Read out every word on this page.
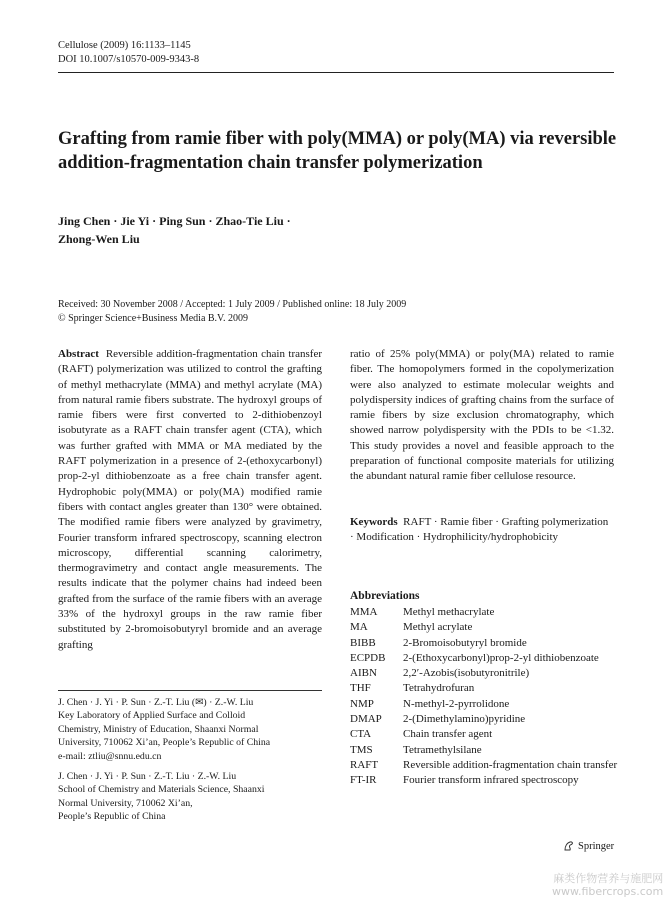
Cellulose (2009) 16:1133–1145
DOI 10.1007/s10570-009-9343-8
Grafting from ramie fiber with poly(MMA) or poly(MA) via reversible addition-fragmentation chain transfer polymerization
Jing Chen · Jie Yi · Ping Sun · Zhao-Tie Liu ·
Zhong-Wen Liu
Received: 30 November 2008 / Accepted: 1 July 2009 / Published online: 18 July 2009
© Springer Science+Business Media B.V. 2009

Abstract Reversible addition-fragmentation chain transfer (RAFT) polymerization was utilized to control the grafting of methyl methacrylate (MMA) and methyl acrylate (MA) from natural ramie fibers substrate. The hydroxyl groups of ramie fibers were first converted to 2-dithiobenzoyl isobutyrate as a RAFT chain transfer agent (CTA), which was further grafted with MMA or MA mediated by the RAFT polymerization in a presence of 2-(ethoxycarbonyl) prop-2-yl dithiobenzoate as a free chain transfer agent. Hydrophobic poly(MMA) or poly(MA) modified ramie fibers with contact angles greater than 130° were obtained. The modified ramie fibers were analyzed by gravimetry, Fourier transform infrared spectroscopy, scanning electron microscopy, differential scanning calorimetry, thermogravimetry and contact angle measurements. The results indicate that the polymer chains had indeed been grafted from the surface of the ramie fibers with an average 33% of the hydroxyl groups in the raw ramie fiber substituted by 2-bromoisobutyryl bromide and an average grafting

ratio of 25% poly(MMA) or poly(MA) related to ramie fiber. The homopolymers formed in the copolymerization were also analyzed to estimate molecular weights and polydispersity indices of grafting chains from the surface of ramie fibers by size exclusion chromatography, which showed narrow polydispersity with the PDIs to be <1.32. This study provides a novel and feasible approach to the preparation of functional composite materials for utilizing the abundant natural ramie fiber cellulose resource.

Keywords RAFT · Ramie fiber · Grafting polymerization · Modification · Hydrophilicity/hydrophobicity
Abbreviations
MMA	Methyl methacrylate
MA	Methyl acrylate
BIBB	2-Bromoisobutyryl bromide
ECPDB	2-(Ethoxycarbonyl)prop-2-yl dithiobenzoate
AIBN	2,2′-Azobis(isobutyronitrile)
THF	Tetrahydrofuran
NMP	N-methyl-2-pyrrolidone
DMAP	2-(Dimethylamino)pyridine
CTA	Chain transfer agent
TMS	Tetramethylsilane
RAFT	Reversible addition-fragmentation chain transfer
FT-IR	Fourier transform infrared spectroscopy
J. Chen · J. Yi · P. Sun · Z.-T. Liu (✉) · Z.-W. Liu
Key Laboratory of Applied Surface and Colloid
Chemistry, Ministry of Education, Shaanxi Normal
University, 710062 Xi’an, People’s Republic of China
e-mail: ztliu@snnu.edu.cn
J. Chen · J. Yi · P. Sun · Z.-T. Liu · Z.-W. Liu
School of Chemistry and Materials Science, Shaanxi
Normal University, 710062 Xi’an,
People’s Republic of China
Springer
麻类作物营养与施肥网
www.fibercrops.com
